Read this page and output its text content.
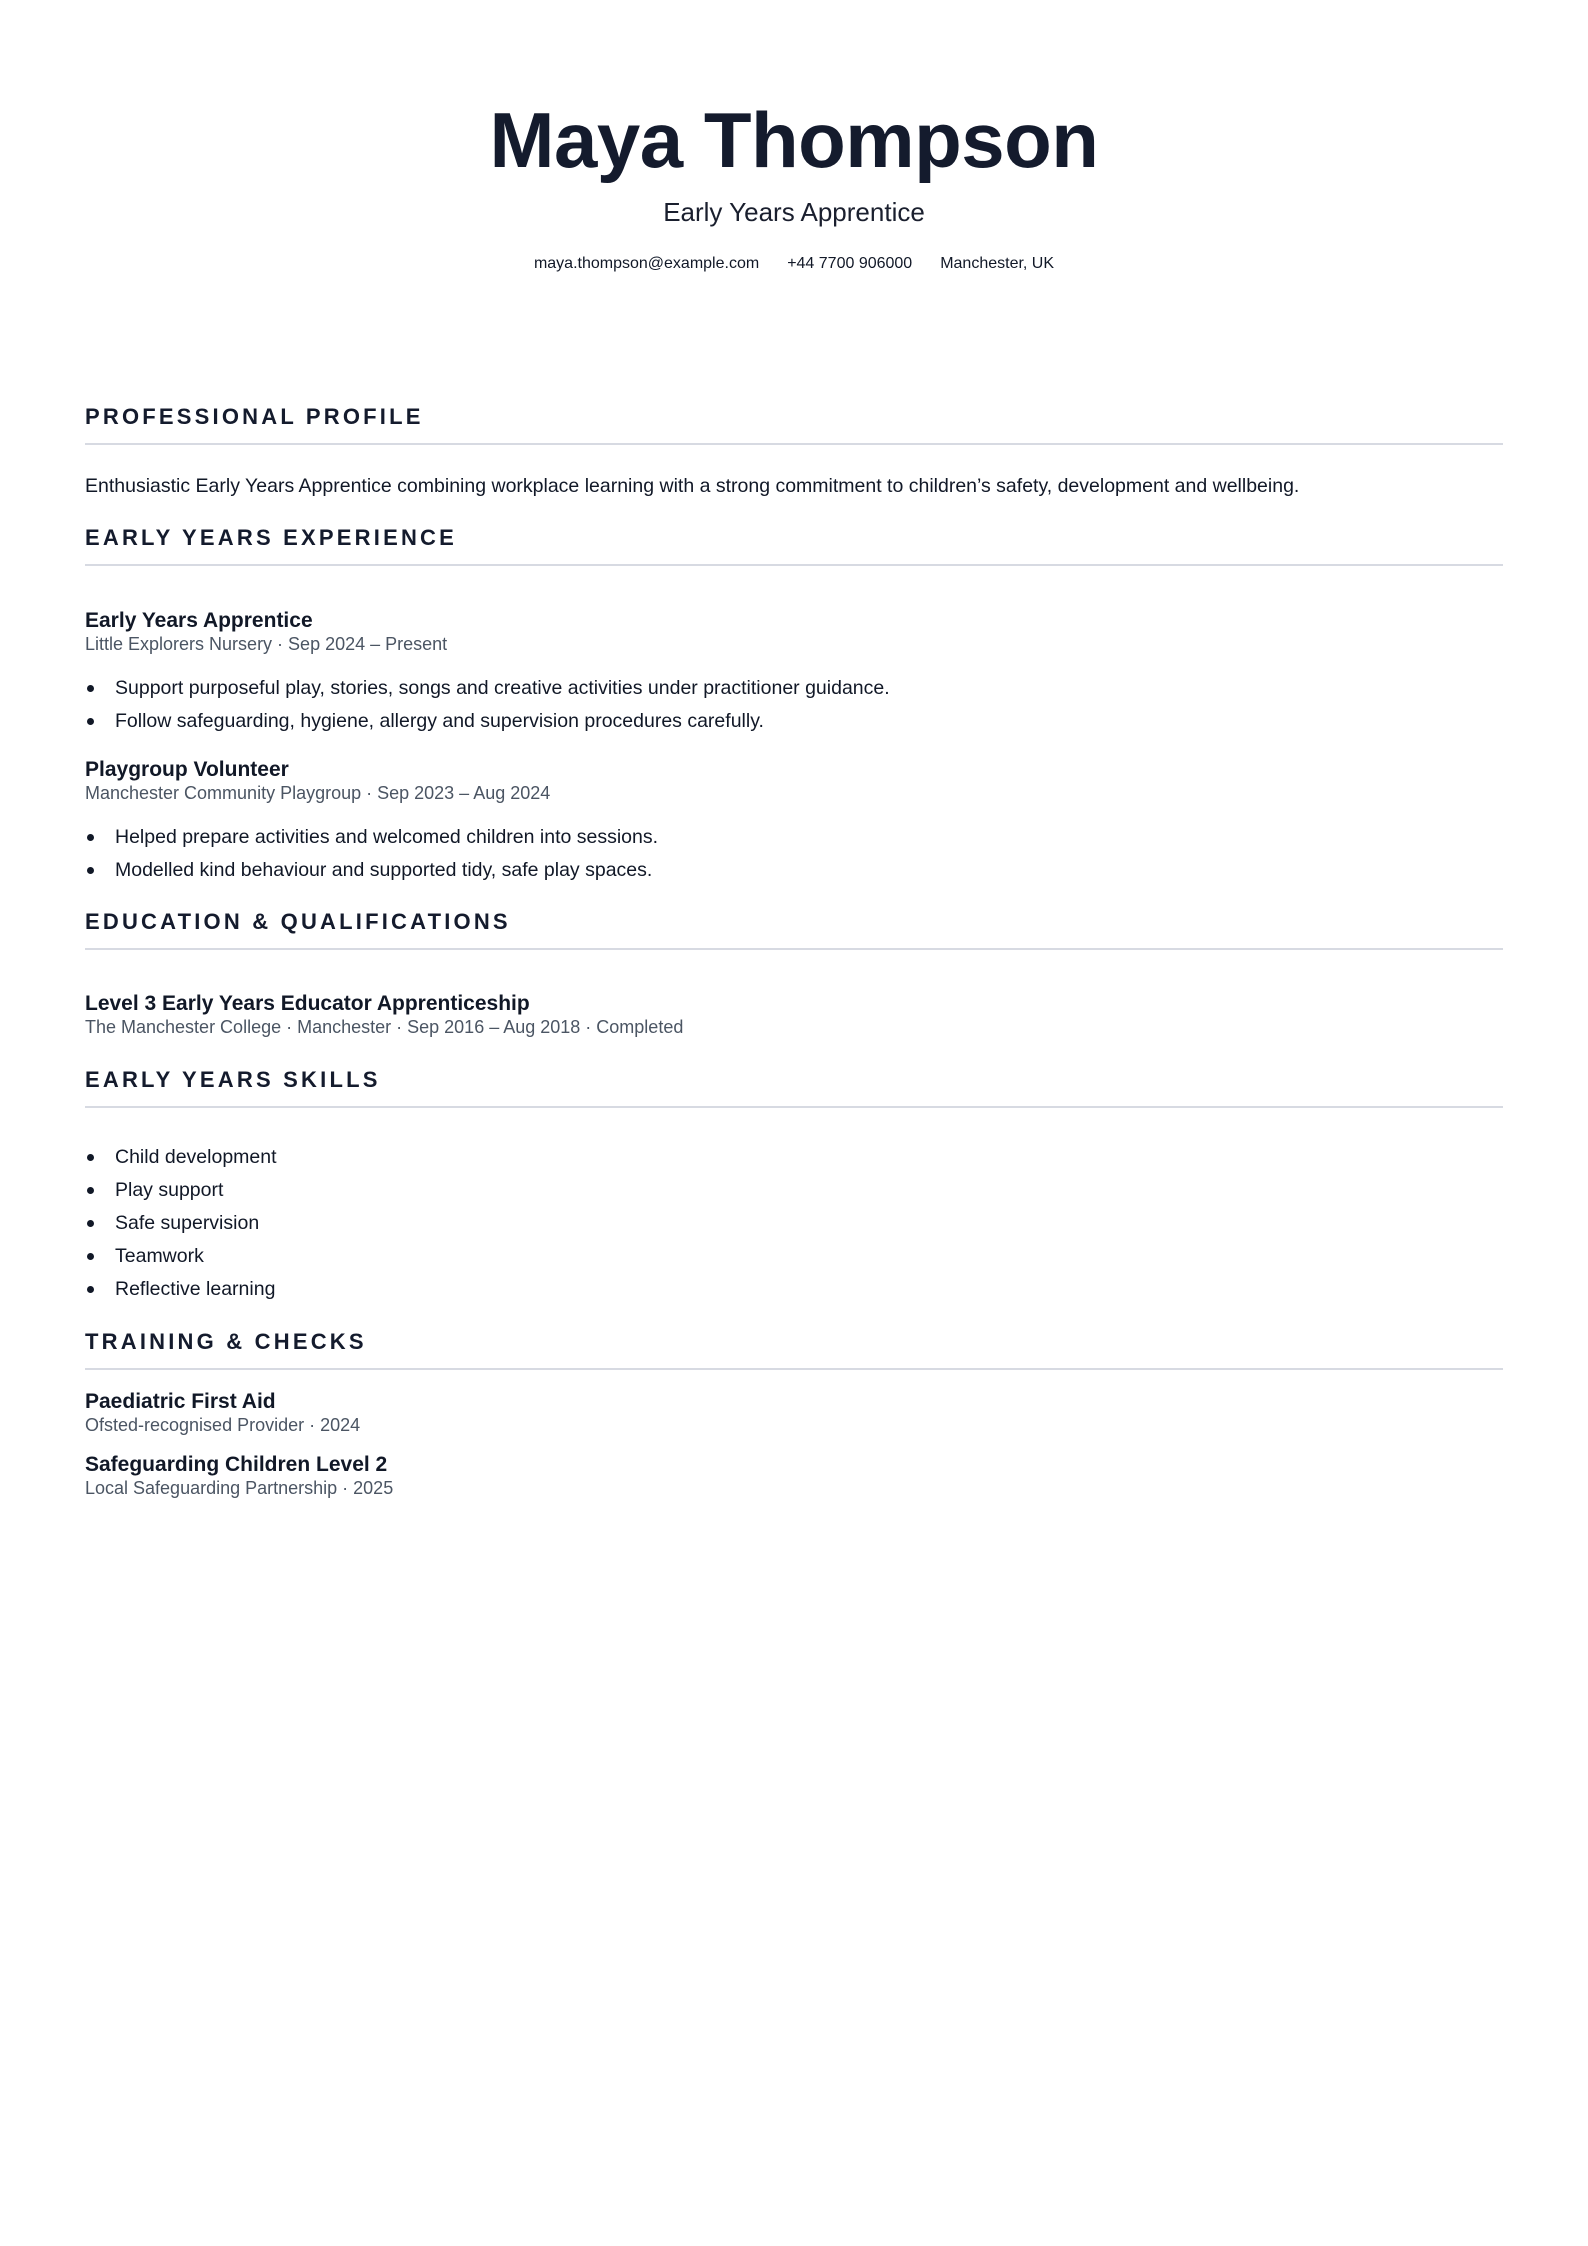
Maya Thompson
Early Years Apprentice
maya.thompson@example.com +44 7700 906000 Manchester, UK
PROFESSIONAL PROFILE
Enthusiastic Early Years Apprentice combining workplace learning with a strong commitment to children’s safety, development and wellbeing.
EARLY YEARS EXPERIENCE
Early Years Apprentice
Little Explorers Nursery · Sep 2024 – Present
Support purposeful play, stories, songs and creative activities under practitioner guidance.
Follow safeguarding, hygiene, allergy and supervision procedures carefully.
Playgroup Volunteer
Manchester Community Playgroup · Sep 2023 – Aug 2024
Helped prepare activities and welcomed children into sessions.
Modelled kind behaviour and supported tidy, safe play spaces.
EDUCATION & QUALIFICATIONS
Level 3 Early Years Educator Apprenticeship
The Manchester College · Manchester · Sep 2016 – Aug 2018 · Completed
EARLY YEARS SKILLS
Child development
Play support
Safe supervision
Teamwork
Reflective learning
TRAINING & CHECKS
Paediatric First Aid
Ofsted-recognised Provider · 2024
Safeguarding Children Level 2
Local Safeguarding Partnership · 2025
